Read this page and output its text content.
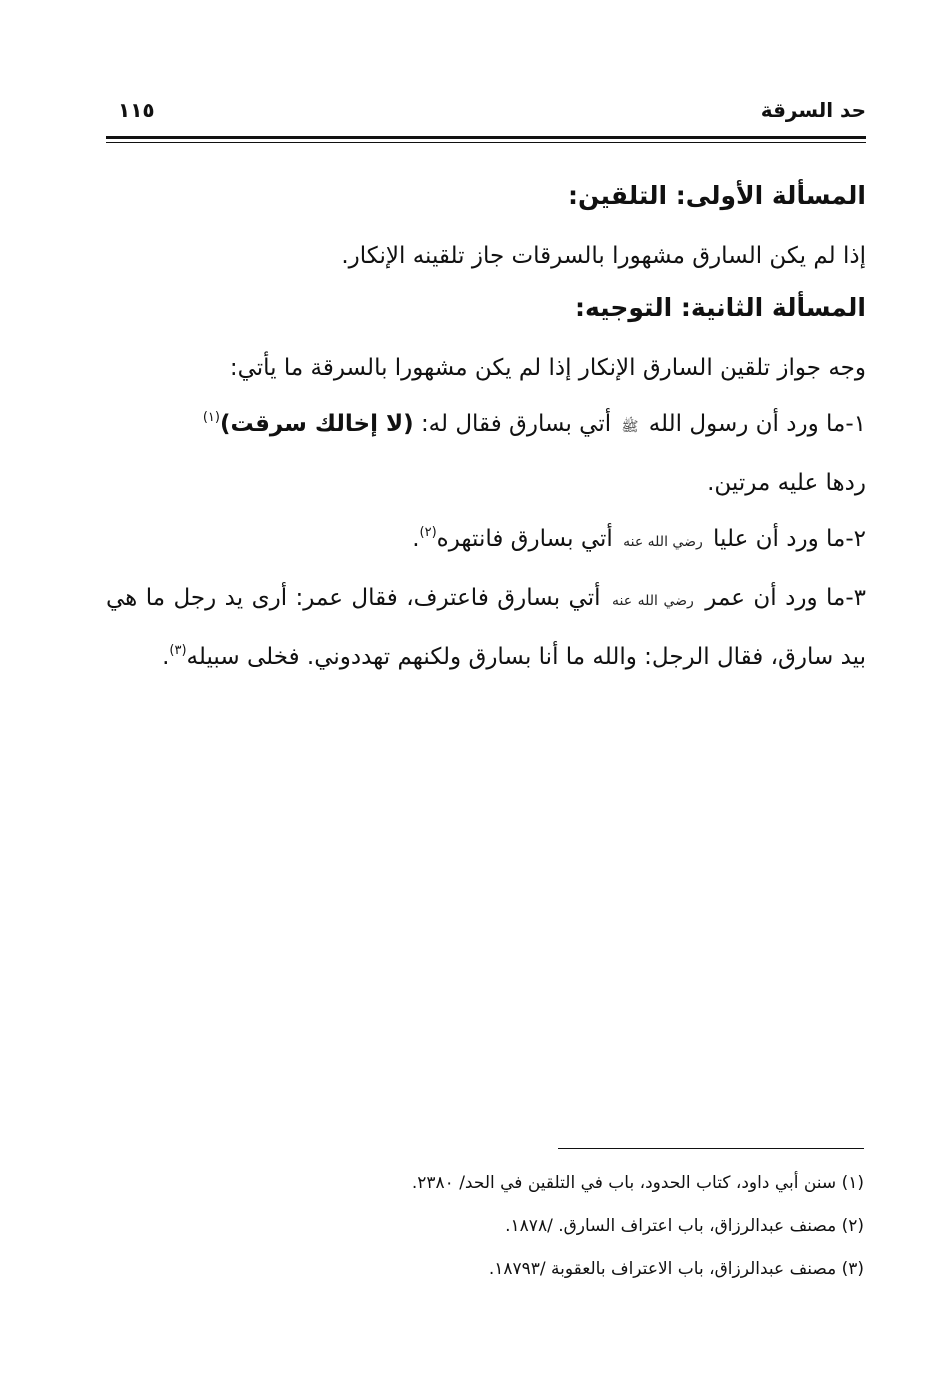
حد السرقة
١١٥

المسألة الأولى: التلقين:

إذا لم يكن السارق مشهورا بالسرقات جاز تلقينه الإنكار.

المسألة الثانية: التوجيه:

وجه جواز تلقين السارق الإنكار إذا لم يكن مشهورا بالسرقة ما يأتي:

١-ما ورد أن رسول الله ﷺ أتي بسارق فقال له: (لا إخالك سرقت)$^{(١)}$

ردها عليه مرتين.

٢-ما ورد أن عليا رضي الله عنه أتي بسارق فانتهره$^{(٢)}$.

٣-ما ورد أن عمر رضي الله عنه أتي بسارق فاعترف، فقال عمر: أرى يد رجل ما هي بيد سارق، فقال الرجل: والله ما أنا بسارق ولكنهم تهددوني. فخلى سبيله$^{(٣)}$.

(١) سنن أبي داود، كتاب الحدود، باب في التلقين في الحد/ ٢٣٨٠.

(٢) مصنف عبدالرزاق، باب اعتراف السارق. /١٨٧٨.

(٣) مصنف عبدالرزاق، باب الاعتراف بالعقوبة /١٨٧٩٣.
